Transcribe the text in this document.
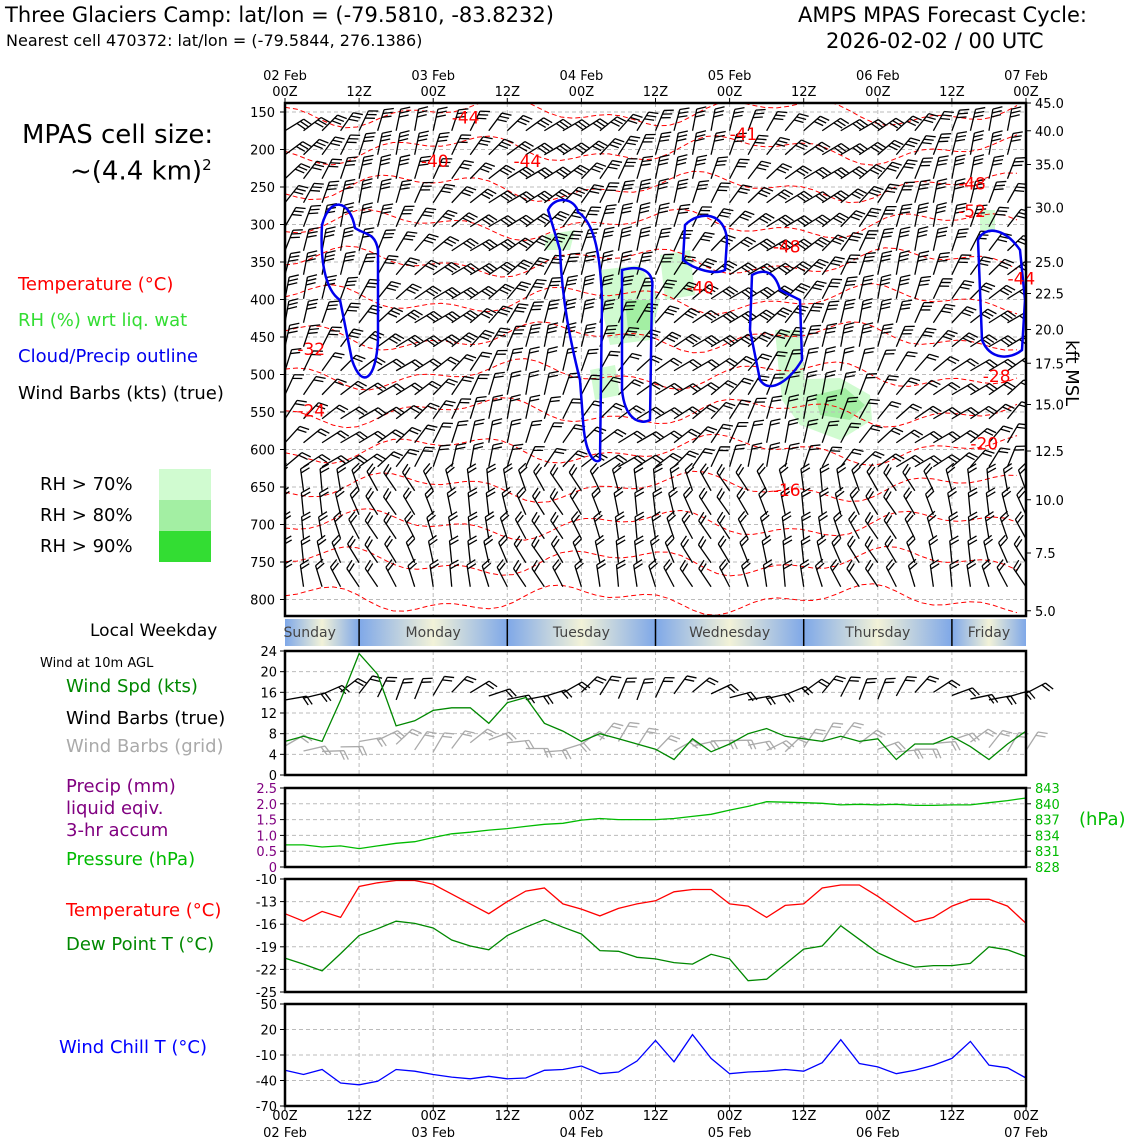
Three Glaciers Camp: lat/lon = (-79.5810, -83.8232)
Nearest cell 470372: lat/lon = (-79.5844, 276.1386)
AMPS MPAS Forecast Cycle:
2026-02-02 / 00 UTC
MPAS cell size:
~(4.4 km)$^2$
Temperature (°C)
RH (%) wrt liq. wat
Cloud/Precip outline
Wind Barbs (kts) (true)
RH > 70%
RH > 80%
RH > 90%
Local Weekday
Wind at 10m AGL
Wind Spd (kts)
Wind Barbs (true)
Wind Barbs (grid)
Precip (mm)
liquid eqiv.
3-hr accum
Pressure (hPa)
Temperature (°C)
Dew Point T (°C)
Wind Chill T (°C)
(hPa)
kft MSL
-44
-41
-40	-44
-48
-52
-48
-44
-40
-32
-28
-24
-20
-16
150
200
250
300
350
400
450
500
550
600
650
700
750
800
45.0
40.0
35.0
30.0
25.0
22.5
20.0
17.5
15.0
12.5
10.0
7.5
5.0
02 Feb
00Z	12Z
03 Feb
00Z	12Z
04 Feb
00Z	12Z
05 Feb
00Z	12Z
06 Feb
00Z	12Z
07 Feb
00Z
Sunday	Monday	Tuesday	Wednesday	Thursday	Friday
0
4
8
12
16
20
24
0
0.5
1.0
1.5
2.0
2.5
828
831
834
837
840
843
-10
-13
-16
-19
-22
-25
50
20
-10
-40
-70
00Z
02 Feb
12Z	00Z
03 Feb
12Z	00Z
04 Feb
12Z	00Z
05 Feb
12Z	00Z
06 Feb
12Z	00Z
07 Feb
